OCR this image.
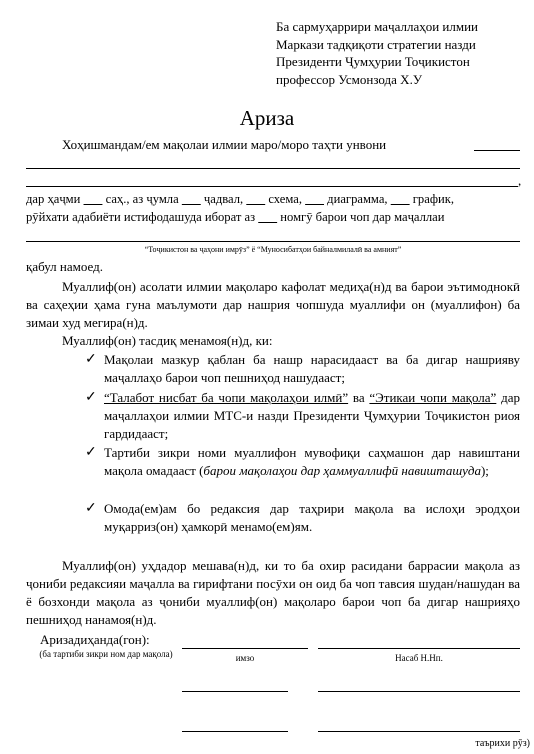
Ба сармуҳаррири маҷаллаҳои илмии
Маркази тадқиқоти стратегии назди
Президенти Ҷумҳурии Тоҷикистон
профессор Усмонзода Х.У
Ариза
Хоҳишмандам/ем мақолаи илмии маро/моро таҳти унвони
,
дар ҳаҷми саҳ., аз ҷумла ҷадвал, схема, диаграмма, график,
рӯйхати адабиёти истифодашуда иборат аз номгӯ барои чоп дар маҷаллаи
“Тоҷикистон ва ҷаҳони имрӯз” ё “Муносибатҳои байналмилалӣ ва амният”
қабул намоед.
Муаллиф(он) асолати илмии мақоларо кафолат медиҳа(н)д ва барои эътимоднокӣ ва саҳеҳии ҳама гуна маълумоти дар нашрия чопшуда муаллифи он (муаллифон) ба зимаи худ мегира(н)д.
Муаллиф(он) тасдиқ менамоя(н)д, ки:
✓ Мақолаи мазкур қаблан ба нашр нарасидааст ва ба дигар нашрияву маҷаллаҳо барои чоп пешниҳод нашудааст;
✓ “Талабот нисбат ба чопи мақолаҳои илмӣ” ва “Этикаи чопи мақола” дар маҷаллаҳои илмии МТС-и назди Президенти Ҷумҳурии Тоҷикистон риоя гардидааст;
✓ Тартиби зикри номи муаллифон мувофиқи саҳмашон дар навиштани мақола омадааст (барои мақолаҳои дар ҳаммуаллифӣ навишташуда);
✓ Омода(ем)ам бо редаксия дар таҳрири мақола ва ислоҳи эродҳои муқарриз(он) ҳамкорӣ менамо(ем)ям.
Муаллиф(он) уҳдадор мешава(н)д, ки то ба охир расидани баррасии мақола аз ҷониби редаксияи маҷалла ва гирифтани посӯхи он оид ба чоп тавсия шудан/нашудан ва ё бозхонди мақола аз ҷониби муаллиф(он) мақоларо барои чоп ба дигар нашрияҳо пешниҳод нанамоя(н)д.
Аризадиҳанда(гон):
(ба тартиби зикри ном дар мақола)	имзо	Насаб Н.Нп.
таърихи рӯз)
